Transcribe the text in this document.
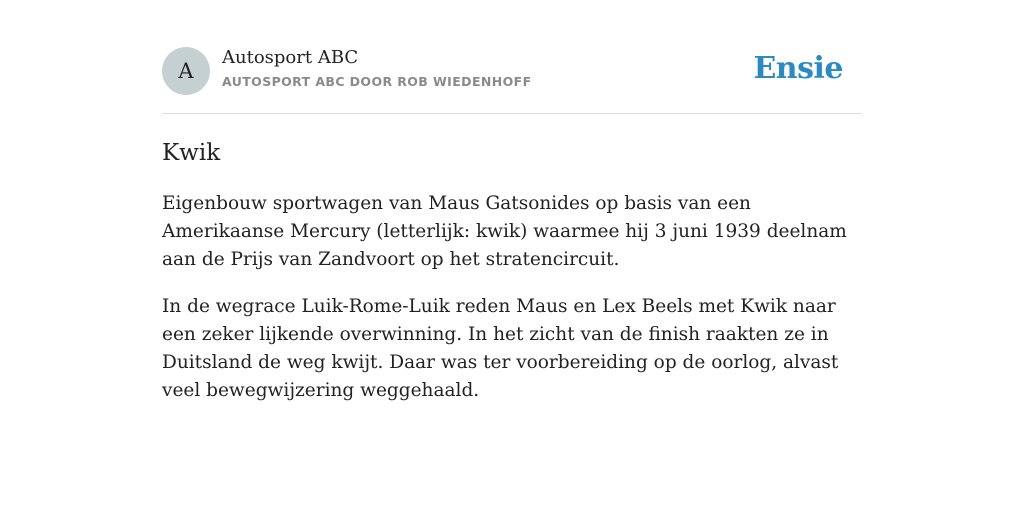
A
Autosport ABC
AUTOSPORT ABC DOOR ROB WIEDENHOFF	Ensie
Kwik

Eigenbouw sportwagen van Maus Gatsonides op basis van een Amerikaanse Mercury (letterlijk: kwik) waarmee hij 3 juni 1939 deelnam aan de Prijs van Zandvoort op het stratencircuit.

In de wegrace Luik-Rome-Luik reden Maus en Lex Beels met Kwik naar een zeker lijkende overwinning. In het zicht van de finish raakten ze in Duitsland de weg kwijt. Daar was ter voorbereiding op de oorlog, alvast veel bewegwijzering weggehaald.
